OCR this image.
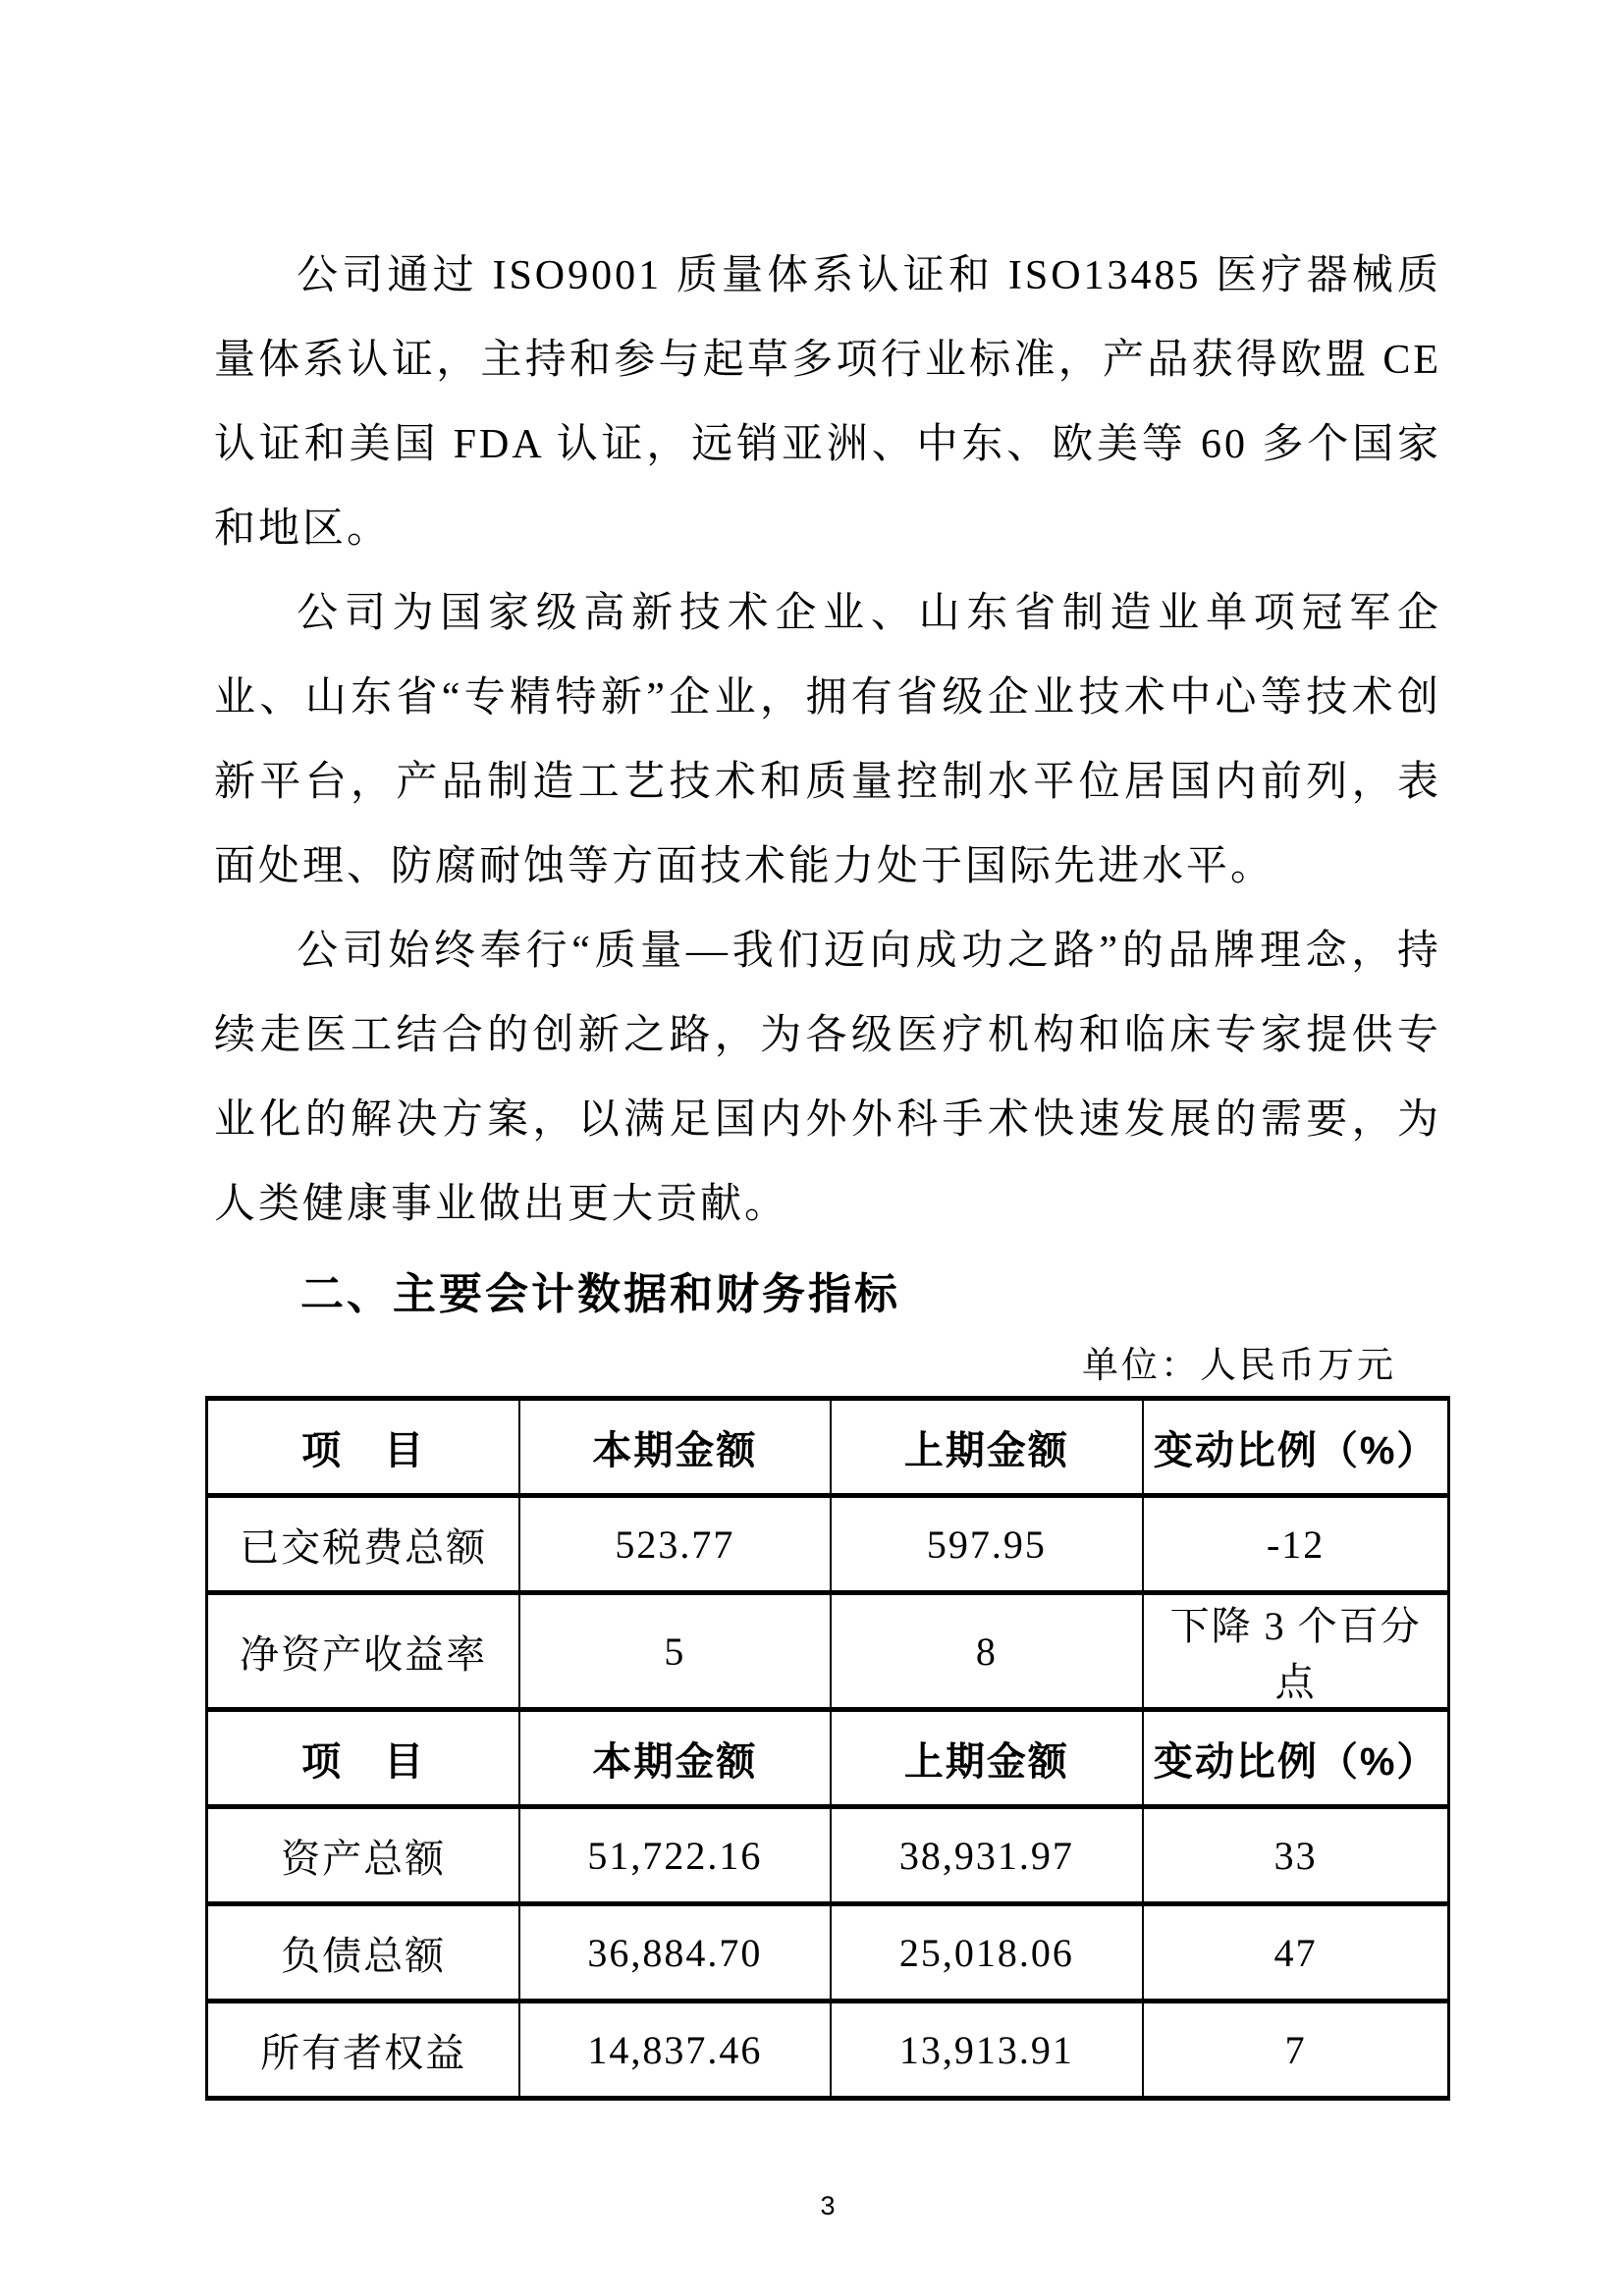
公司通过 ISO9001 质量体系认证和 ISO13485 医疗器械质量体系认证，主持和参与起草多项行业标准，产品获得欧盟 CE 认证和美国 FDA 认证，远销亚洲、中东、欧美等 60 多个国家和地区。

公司为国家级高新技术企业、山东省制造业单项冠军企业、山东省“专精特新”企业，拥有省级企业技术中心等技术创新平台，产品制造工艺技术和质量控制水平位居国内前列，表面处理、防腐耐蚀等方面技术能力处于国际先进水平。

公司始终奉行“质量—我们迈向成功之路”的品牌理念，持续走医工结合的创新之路，为各级医疗机构和临床专家提供专业化的解决方案，以满足国内外外科手术快速发展的需要，为人类健康事业做出更大贡献。

二、主要会计数据和财务指标
单位：人民币万元
项　目	本期金额	上期金额	变动比例（%）
已交税费总额	523.77	597.95	-12
净资产收益率	5	8	下降 3 个百分点
项　目	本期金额	上期金额	变动比例（%）
资产总额	51,722.16	38,931.97	33
负债总额	36,884.70	25,018.06	47
所有者权益	14,837.46	13,913.91	7
3
